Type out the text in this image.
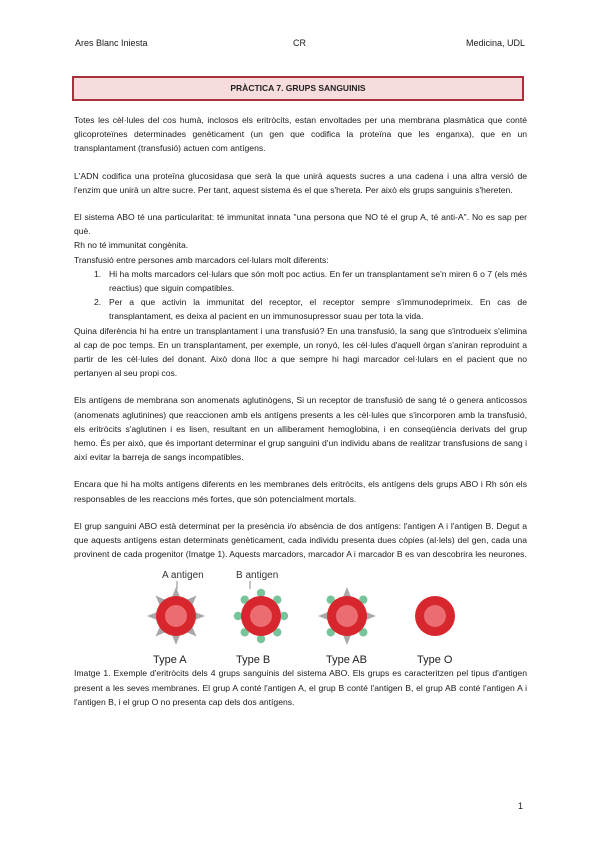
Ares Blanc Iniesta	CR	Medicina, UDL
PRÀCTICA 7. GRUPS SANGUINIS

Totes les cèl·lules del cos humà, inclosos els eritròcits, estan envoltades per una membrana plasmàtica que conté glicoproteïnes determinades genèticament (un gen que codifica la proteïna que les enganxa), que en un transplantament (transfusió) actuen com antígens.

L'ADN codifica una proteïna glucosidasa que serà la que unirà aquests sucres a una cadena i una altra versió de l'enzim que unirà un altre sucre. Per tant, aquest sistema és el que s'hereta. Per això els grups sanguinis s'hereten.

El sistema ABO té una particularitat: té immunitat innata "una persona que NO té el grup A, té anti-A". No es sap per què.

Rh no té immunitat congènita.

Transfusió entre persones amb marcadors cel·lulars molt diferents:

1. Hi ha molts marcadors cel·lulars que són molt poc actius. En fer un transplantament se'n miren 6 o 7 (els més reactius) que siguin compatibles.
2. Per a que activin la immunitat del receptor, el receptor sempre s'immunodeprimeix. En cas de transplantament, es deixa al pacient en un immunosupressor suau per tota la vida.

Quina diferència hi ha entre un transplantament i una transfusió? En una transfusió, la sang que s'introdueix s'elimina al cap de poc temps. En un transplantament, per exemple, un ronyó, les cèl·lules d'aquell òrgan s'aniran reproduint a partir de les cèl·lules del donant. Això dona lloc a que sempre hi hagi marcador cel·lulars en el pacient que no pertanyen al seu propi cos.

Els antígens de membrana son anomenats aglutinògens, Si un receptor de transfusió de sang té o genera anticossos (anomenats aglutinines) que reaccionen amb els antígens presents a les cèl·lules que s'incorporen amb la transfusió, els eritròcits s'aglutinen i es lisen, resultant en un alliberament hemoglobina, i en conseqüència derivats del grup hemo. És per això, que és important determinar el grup sanguini d'un individu abans de realitzar transfusions de sang i així evitar la barreja de sangs incompatibles.

Encara que hi ha molts antígens diferents en les membranes dels eritròcits, els antígens dels grups ABO i Rh són els responsables de les reaccions més fortes, que són potencialment mortals.

El grup sanguini ABO està determinat per la presència i/o absència de dos antígens: l'antigen A i l'antigen B. Degut a que aquests antígens estan determinats genèticament, cada individu presenta dues còpies (al·lels) del gen, cada una provinent de cada progenitor (Imatge 1). Aquests marcadors, marcador A i marcador B es van descobrira les neurones.

A antigen	B antigen
Type A	Type B	Type AB	Type O

Imatge 1. Exemple d'eritròcits dels 4 grups sanguinis del sistema ABO. Els grups es caracteritzen pel tipus d'antigen present a les seves membranes. El grup A conté l'antigen A, el grup B conté l'antigen B, el grup AB conté l'antigen A i l'antigen B, i el grup O no presenta cap dels dos antígens.

1
